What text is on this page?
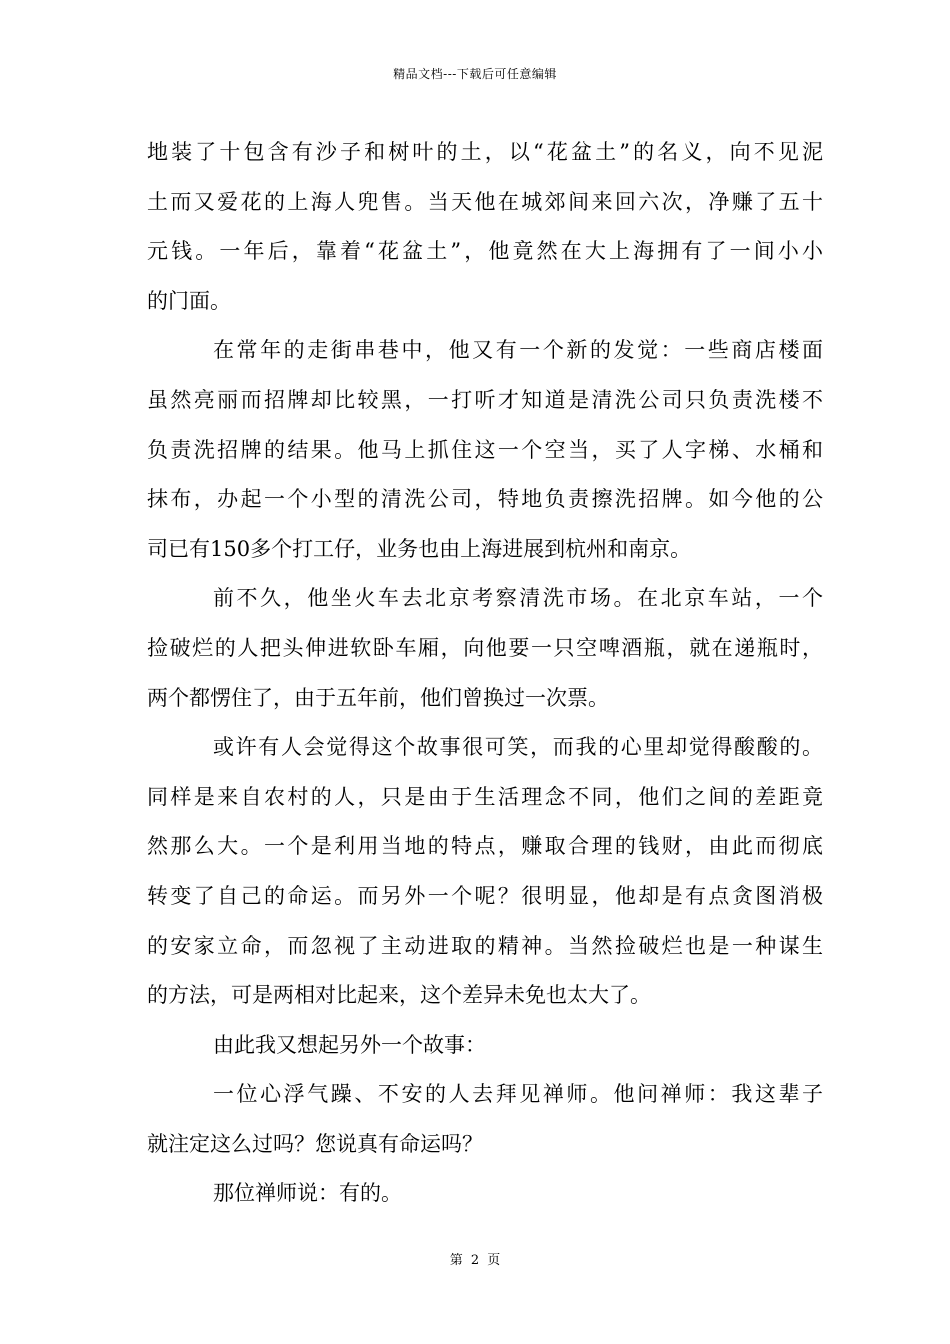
精品文档---下载后可任意编辑
地装了十包含有沙子和树叶的土，以“花盆土”的名义，向不见泥
土而又爱花的上海人兜售。当天他在城郊间来回六次，净赚了五十
元钱。一年后，靠着“花盆土”，他竟然在大上海拥有了一间小小
的门面。
在常年的走街串巷中，他又有一个新的发觉：一些商店楼面
虽然亮丽而招牌却比较黑，一打听才知道是清洗公司只负责洗楼不
负责洗招牌的结果。他马上抓住这一个空当，买了人字梯、水桶和
抹布，办起一个小型的清洗公司，特地负责擦洗招牌。如今他的公
司已有150多个打工仔，业务也由上海进展到杭州和南京。
前不久，他坐火车去北京考察清洗市场。在北京车站，一个
捡破烂的人把头伸进软卧车厢，向他要一只空啤酒瓶，就在递瓶时，
两个都愣住了，由于五年前，他们曾换过一次票。
或许有人会觉得这个故事很可笑，而我的心里却觉得酸酸的。
同样是来自农村的人，只是由于生活理念不同，他们之间的差距竟
然那么大。一个是利用当地的特点，赚取合理的钱财，由此而彻底
转变了自己的命运。而另外一个呢？很明显，他却是有点贪图消极
的安家立命，而忽视了主动进取的精神。当然捡破烂也是一种谋生
的方法，可是两相对比起来，这个差异未免也太大了。
由此我又想起另外一个故事：
一位心浮气躁、不安的人去拜见禅师。他问禅师：我这辈子
就注定这么过吗？您说真有命运吗？
那位禅师说：有的。
第 2 页
